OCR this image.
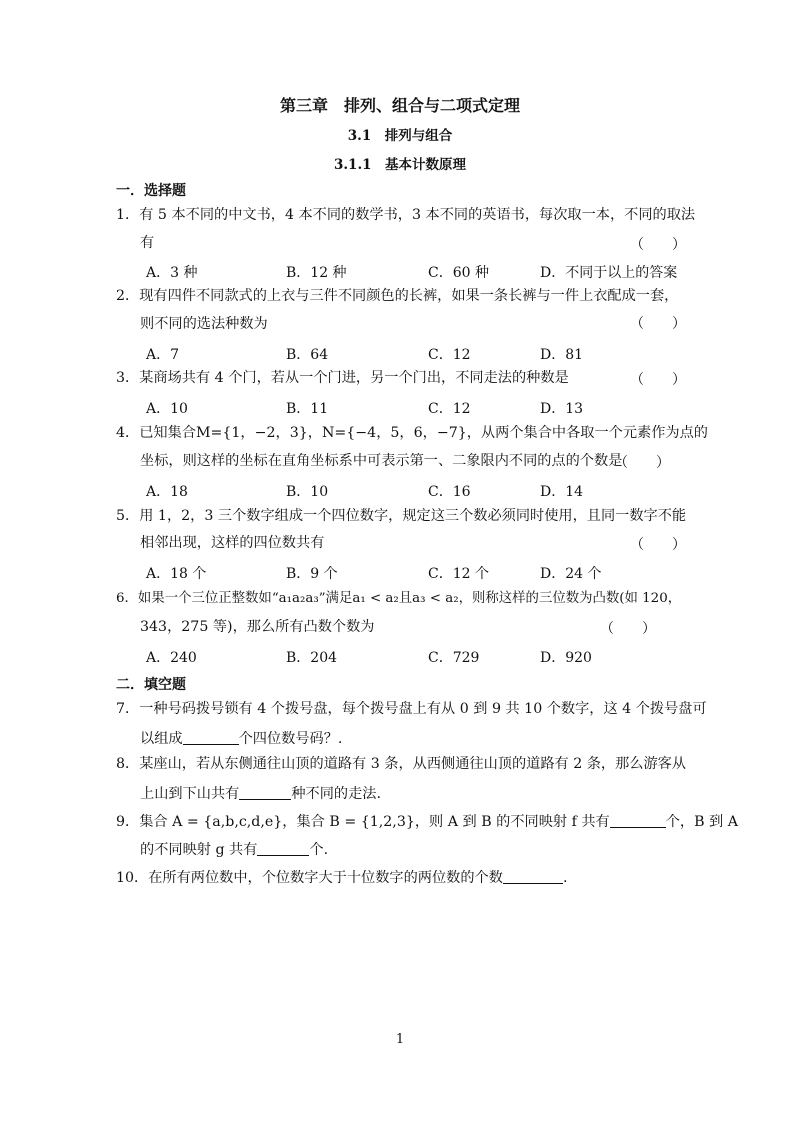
第三章　排列、组合与二项式定理
3.1　排列与组合
3.1.1　基本计数原理
一．选择题
1．有 5 本不同的中文书，4 本不同的数学书，3 本不同的英语书，每次取一本，不同的取法
有	（　　）
A．3 种	B．12 种	C．60 种	D．不同于以上的答案
2．现有四件不同款式的上衣与三件不同颜色的长裤，如果一条长裤与一件上衣配成一套，
则不同的选法种数为	（　　）
A．7	B．64	C．12	D．81
3．某商场共有 4 个门，若从一个门进，另一个门出，不同走法的种数是	（　　）
A．10	B．11	C．12	D．13
4．已知集合M={1，−2，3}，N={−4，5，6，−7}，从两个集合中各取一个元素作为点的
坐标，则这样的坐标在直角坐标系中可表示第一、二象限内不同的点的个数是
（　　）
A．18	B．10	C．16	D．14
5．用 1，2，3 三个数字组成一个四位数字，规定这三个数必须同时使用，且同一数字不能
相邻出现，这样的四位数共有	（　　）
A．18 个	B．9 个	C．12 个	D．24 个
6．如果一个三位正整数如“a₁a₂a₃”满足a₁ < a₂且a₃ < a₂，则称这样的三位数为凸数(如 120，
343，275 等)，那么所有凸数个数为	（　　）
A．240	B．204	C．729	D．920
二．填空题
7．一种号码拨号锁有 4 个拨号盘，每个拨号盘上有从 0 到 9 共 10 个数字，这 4 个拨号盘可
以组成	个四位数号码？.
8．某座山，若从东侧通往山顶的道路有 3 条，从西侧通往山顶的道路有 2 条，那么游客从
上山到下山共有	种不同的走法.
9．集合 A = {a,b,c,d,e}，集合 B = {1,2,3}，则 A 到 B 的不同映射 f 共有	个，B 到 A
的不同映射 g 共有	个.
10．在所有两位数中，个位数字大于十位数字的两位数的个数	.
1
